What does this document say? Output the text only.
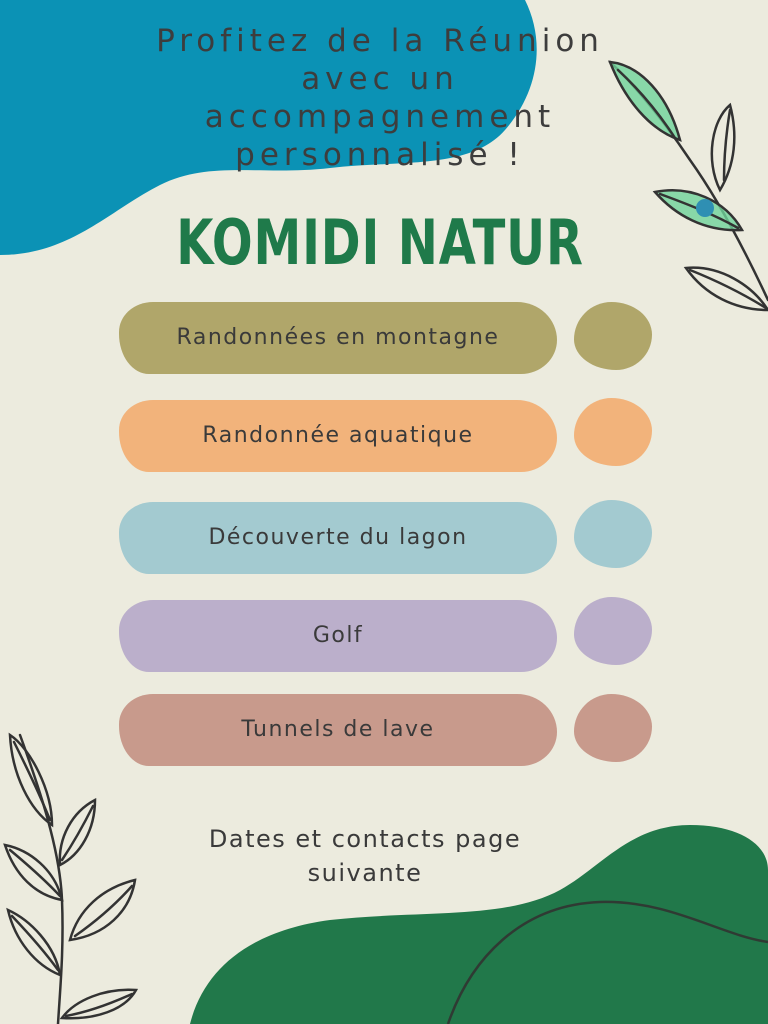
Profitez de la Réunion avec un accompagnement personnalisé !
KOMIDI NATUR
Randonnées en montagne
Randonnée aquatique
Découverte du lagon
Golf
Tunnels de lave
Dates et contacts page suivante
